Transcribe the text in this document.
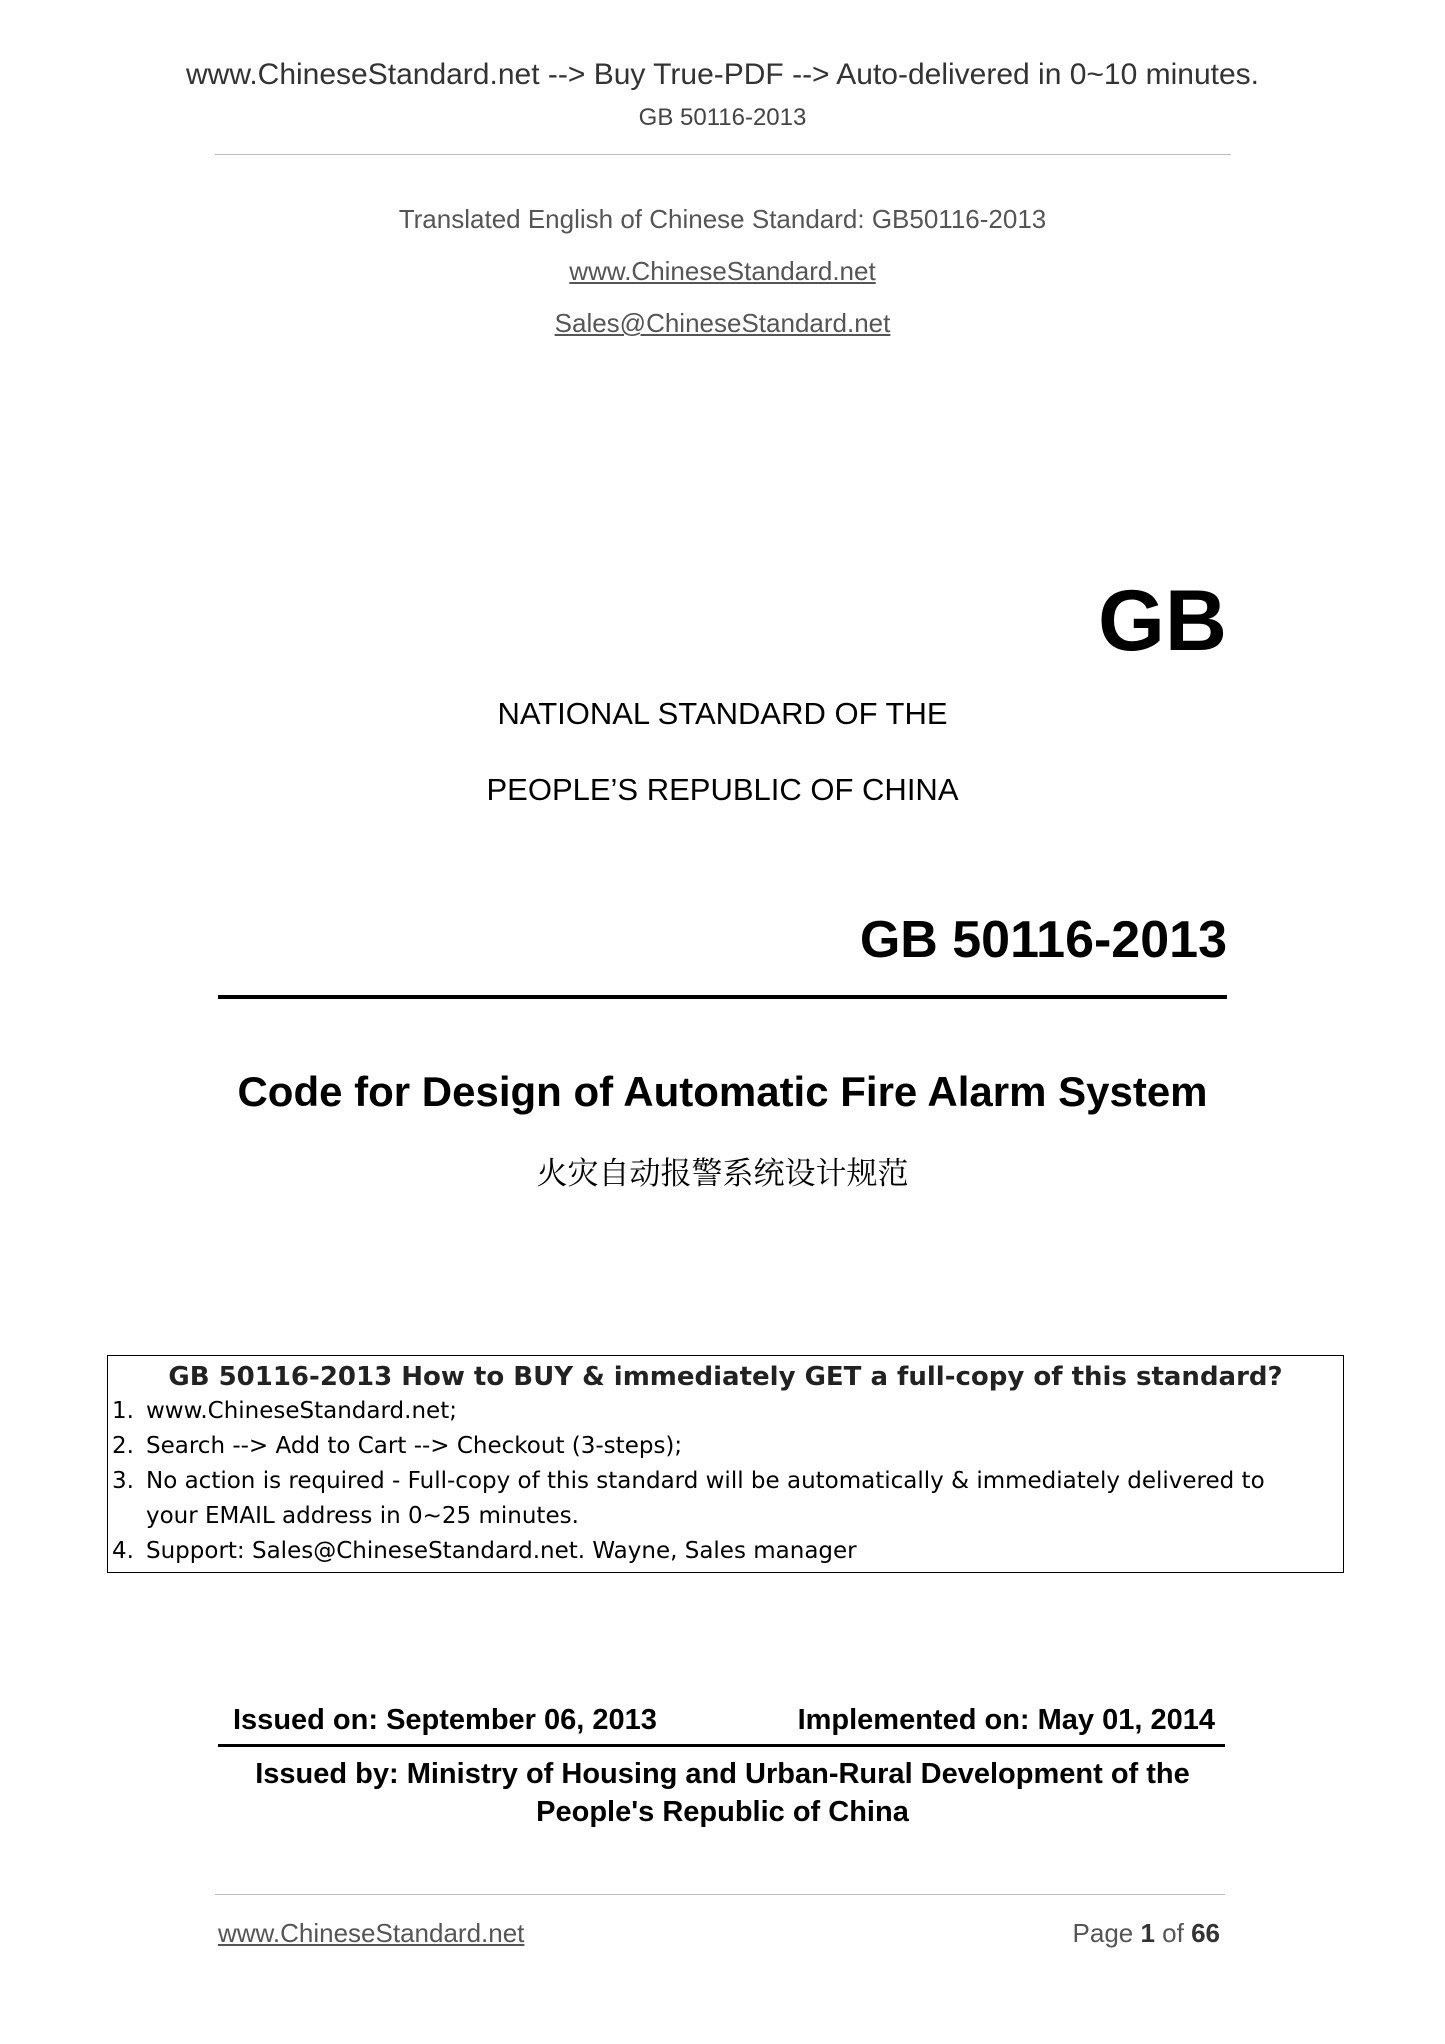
www.ChineseStandard.net --> Buy True-PDF --> Auto-delivered in 0~10 minutes.
GB 50116-2013
Translated English of Chinese Standard: GB50116-2013
www.ChineseStandard.net
Sales@ChineseStandard.net
GB
NATIONAL STANDARD OF THE
PEOPLE’S REPUBLIC OF CHINA
GB 50116-2013
Code for Design of Automatic Fire Alarm System
火灾自动报警系统设计规范
GB 50116-2013 How to BUY & immediately GET a full-copy of this standard?
1. www.ChineseStandard.net;
2. Search --> Add to Cart --> Checkout (3-steps);
3. No action is required - Full-copy of this standard will be automatically & immediately delivered to
your EMAIL address in 0~25 minutes.
4. Support: Sales@ChineseStandard.net. Wayne, Sales manager
Issued on: September 06, 2013	Implemented on: May 01, 2014
Issued by: Ministry of Housing and Urban-Rural Development of the
People's Republic of China
www.ChineseStandard.net	Page 1 of 66
